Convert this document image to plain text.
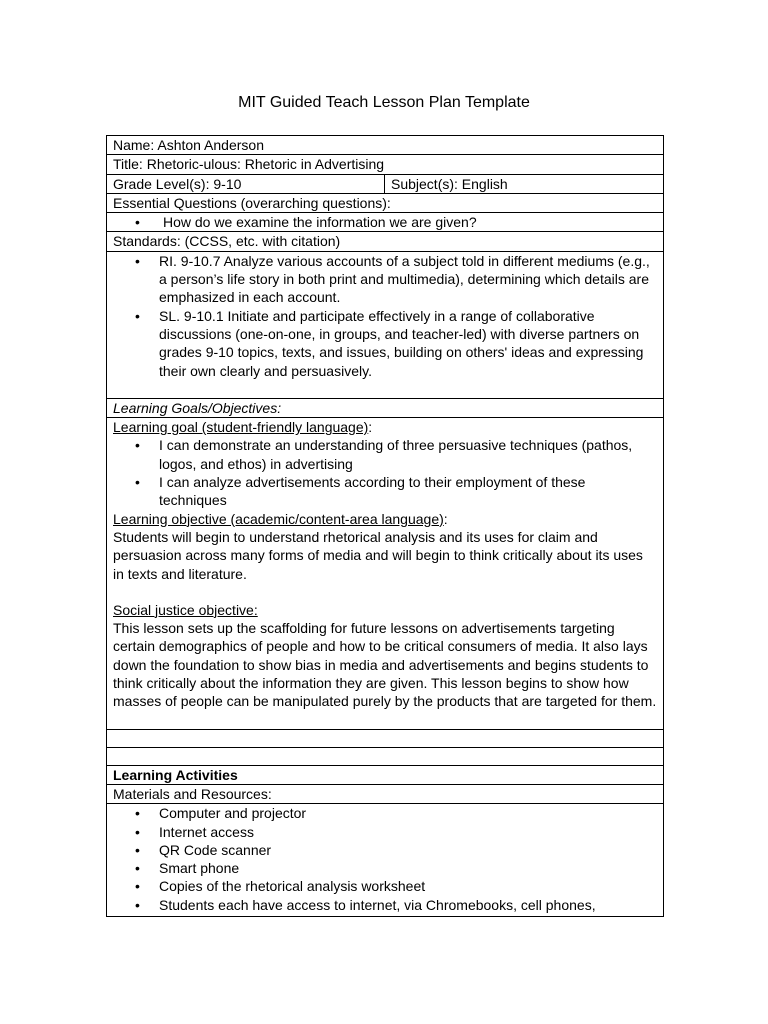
MIT Guided Teach Lesson Plan Template
Name: Ashton Anderson
Title: Rhetoric-ulous: Rhetoric in Advertising
Grade Level(s): 9-10	Subject(s): English
Essential Questions (overarching questions):

• How do we examine the information we are given?

Standards: (CCSS, etc. with citation)

• RI. 9-10.7 Analyze various accounts of a subject told in different mediums (e.g., a person’s life story in both print and multimedia), determining which details are emphasized in each account.
• SL. 9-10.1 Initiate and participate effectively in a range of collaborative discussions (one-on-one, in groups, and teacher-led) with diverse partners on grades 9-10 topics, texts, and issues, building on others' ideas and expressing their own clearly and persuasively.

Learning Goals/Objectives:

Learning goal (student-friendly language):
• I can demonstrate an understanding of three persuasive techniques (pathos, logos, and ethos) in advertising
• I can analyze advertisements according to their employment of these techniques
Learning objective (academic/content-area language):
Students will begin to understand rhetorical analysis and its uses for claim and persuasion across many forms of media and will begin to think critically about its uses in texts and literature.
Social justice objective:
This lesson sets up the scaffolding for future lessons on advertisements targeting certain demographics of people and how to be critical consumers of media. It also lays down the foundation to show bias in media and advertisements and begins students to think critically about the information they are given. This lesson begins to show how masses of people can be manipulated purely by the products that are targeted for them.

Learning Activities
Materials and Resources:

• Computer and projector
• Internet access
• QR Code scanner
• Smart phone
• Copies of the rhetorical analysis worksheet
• Students each have access to internet, via Chromebooks, cell phones,
